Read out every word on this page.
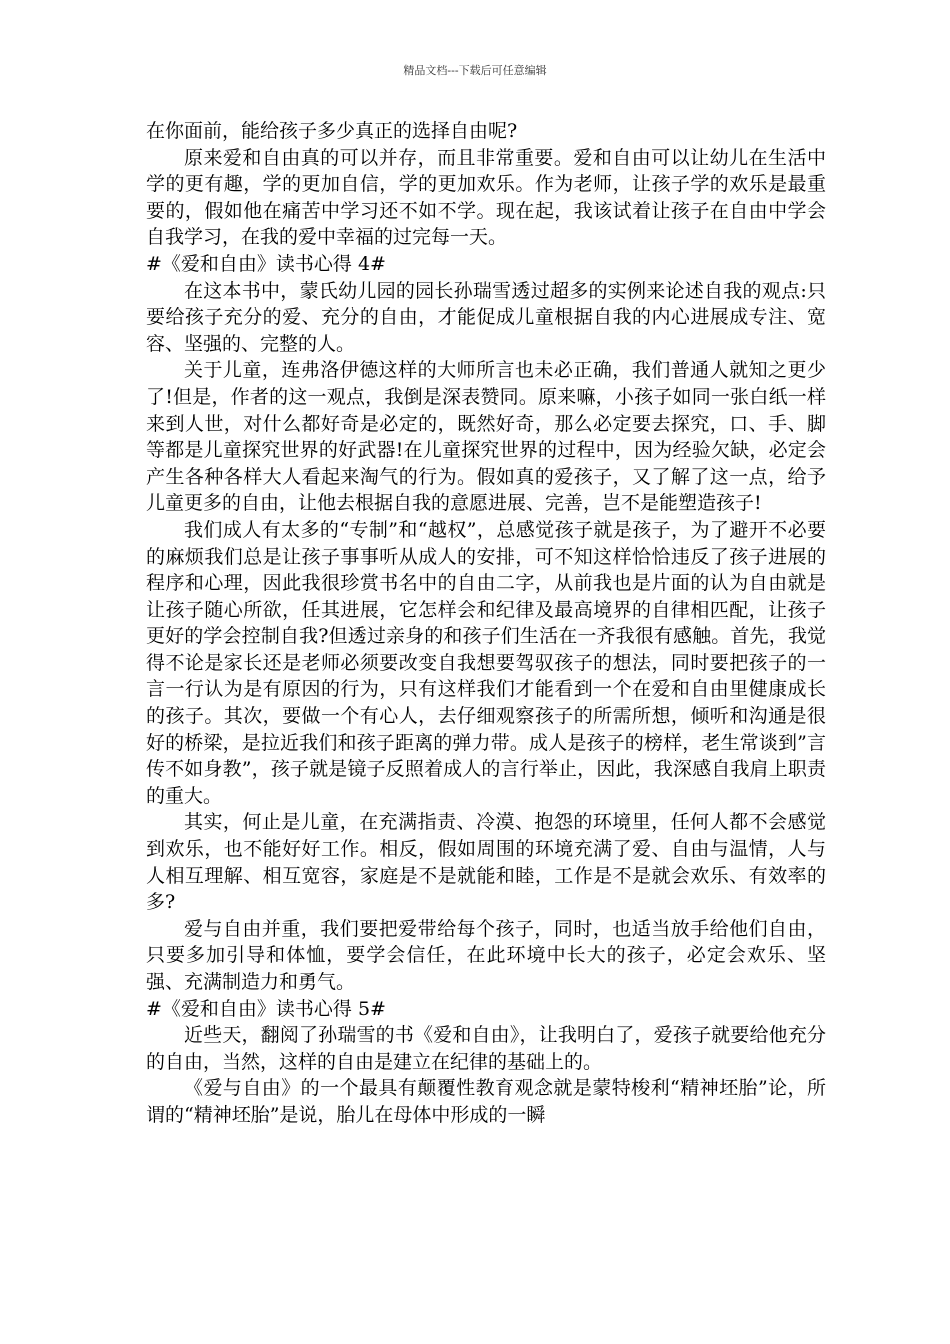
精品文档---下载后可任意编辑

在你面前，能给孩子多少真正的选择自由呢?

原来爱和自由真的可以并存，而且非常重要。爱和自由可以让幼儿在生活中学的更有趣，学的更加自信，学的更加欢乐。作为老师，让孩子学的欢乐是最重要的，假如他在痛苦中学习还不如不学。现在起，我该试着让孩子在自由中学会自我学习，在我的爱中幸福的过完每一天。

#《爱和自由》读书心得 4#

在这本书中，蒙氏幼儿园的园长孙瑞雪透过超多的实例来论述自我的观点:只要给孩子充分的爱、充分的自由，才能促成儿童根据自我的内心进展成专注、宽容、坚强的、完整的人。

关于儿童，连弗洛伊德这样的大师所言也未必正确，我们普通人就知之更少了!但是，作者的这一观点，我倒是深表赞同。原来嘛，小孩子如同一张白纸一样来到人世，对什么都好奇是必定的，既然好奇，那么必定要去探究，口、手、脚等都是儿童探究世界的好武器!在儿童探究世界的过程中，因为经验欠缺，必定会产生各种各样大人看起来淘气的行为。假如真的爱孩子，又了解了这一点，给予儿童更多的自由，让他去根据自我的意愿进展、完善，岂不是能塑造孩子!

我们成人有太多的“专制”和“越权”，总感觉孩子就是孩子，为了避开不必要的麻烦我们总是让孩子事事听从成人的安排，可不知这样恰恰违反了孩子进展的程序和心理，因此我很珍赏书名中的自由二字，从前我也是片面的认为自由就是让孩子随心所欲，任其进展，它怎样会和纪律及最高境界的自律相匹配，让孩子更好的学会控制自我?但透过亲身的和孩子们生活在一齐我很有感触。首先，我觉得不论是家长还是老师必须要改变自我想要驾驭孩子的想法，同时要把孩子的一言一行认为是有原因的行为，只有这样我们才能看到一个在爱和自由里健康成长的孩子。其次，要做一个有心人，去仔细观察孩子的所需所想，倾听和沟通是很好的桥梁，是拉近我们和孩子距离的弹力带。成人是孩子的榜样，老生常谈到”言传不如身教”，孩子就是镜子反照着成人的言行举止，因此，我深感自我肩上职责的重大。

其实，何止是儿童，在充满指责、冷漠、抱怨的环境里，任何人都不会感觉到欢乐，也不能好好工作。相反，假如周围的环境充满了爱、自由与温情，人与人相互理解、相互宽容，家庭是不是就能和睦，工作是不是就会欢乐、有效率的多?

爱与自由并重，我们要把爱带给每个孩子，同时，也适当放手给他们自由，只要多加引导和体恤，要学会信任，在此环境中长大的孩子，必定会欢乐、坚强、充满制造力和勇气。

#《爱和自由》读书心得 5#

近些天，翻阅了孙瑞雪的书《爱和自由》，让我明白了，爱孩子就要给他充分的自由，当然，这样的自由是建立在纪律的基础上的。

《爱与自由》的一个最具有颠覆性教育观念就是蒙特梭利“精神坯胎”论，所谓的“精神坯胎”是说，胎儿在母体中形成的一瞬
